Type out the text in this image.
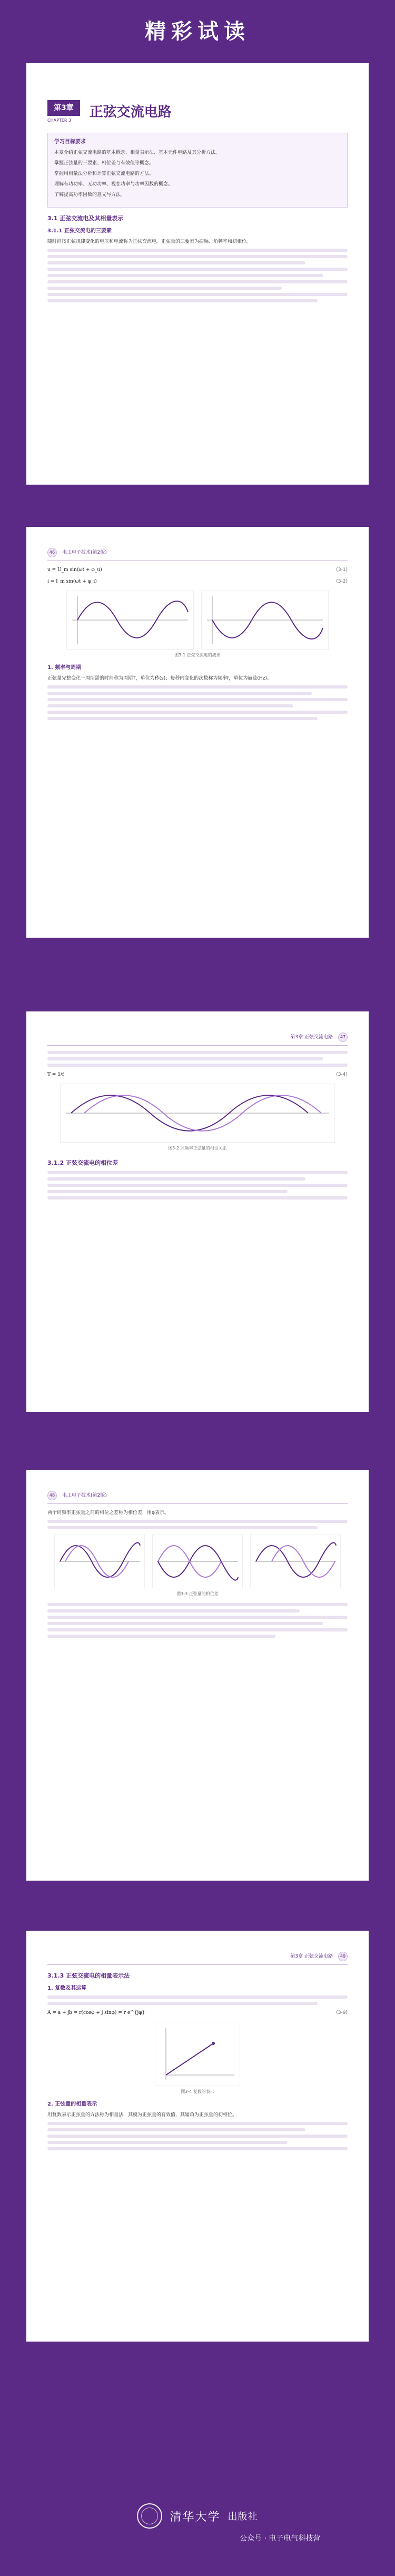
精彩试读
第3章
CHAPTER 3
正弦交流电路
学习目标要求
本章介绍正弦交流电路的基本概念、相量表示法、基本元件电路及其分析方法。
掌握正弦量的三要素、相位差与有效值等概念。
掌握用相量法分析和计算正弦交流电路的方法。
理解有功功率、无功功率、视在功率与功率因数的概念。
了解提高功率因数的意义与方法。
3.1 正弦交流电及其相量表示
3.1.1 正弦交流电的三要素
随时间按正弦规律变化的电压和电流称为正弦交流电。正弦量的三要素为振幅、角频率和初相位。
46	电工电子技术(第2版)
u = U_m sin(ωt + φ_u)	(3-1)
i = I_m sin(ωt + φ_i)	(3-2)
图3-1 正弦交流电的波形
1. 频率与周期
正弦量完整变化一周所需的时间称为周期T，单位为秒(s)；每秒内变化的次数称为频率f，单位为赫兹(Hz)。
第3章 正弦交流电路	47
T = 1/f	(3-4)
图3-2 同频率正弦量的相位关系
3.1.2 正弦交流电的相位差
48	电工电子技术(第2版)
两个同频率正弦量之间的相位之差称为相位差，用φ表示。
图3-3 正弦量的相位差
第3章 正弦交流电路	49
3.1.3 正弦交流电的相量表示法
1. 复数及其运算
A = a + jb = r(cosφ + j sinφ) = r e^{jφ}	(3-9)
图3-4 复数的表示
2. 正弦量的相量表示
用复数表示正弦量的方法称为相量法，其模为正弦量的有效值，其辐角为正弦量的初相位。
清华大学 出版社
公众号 · 电子电气科技营
